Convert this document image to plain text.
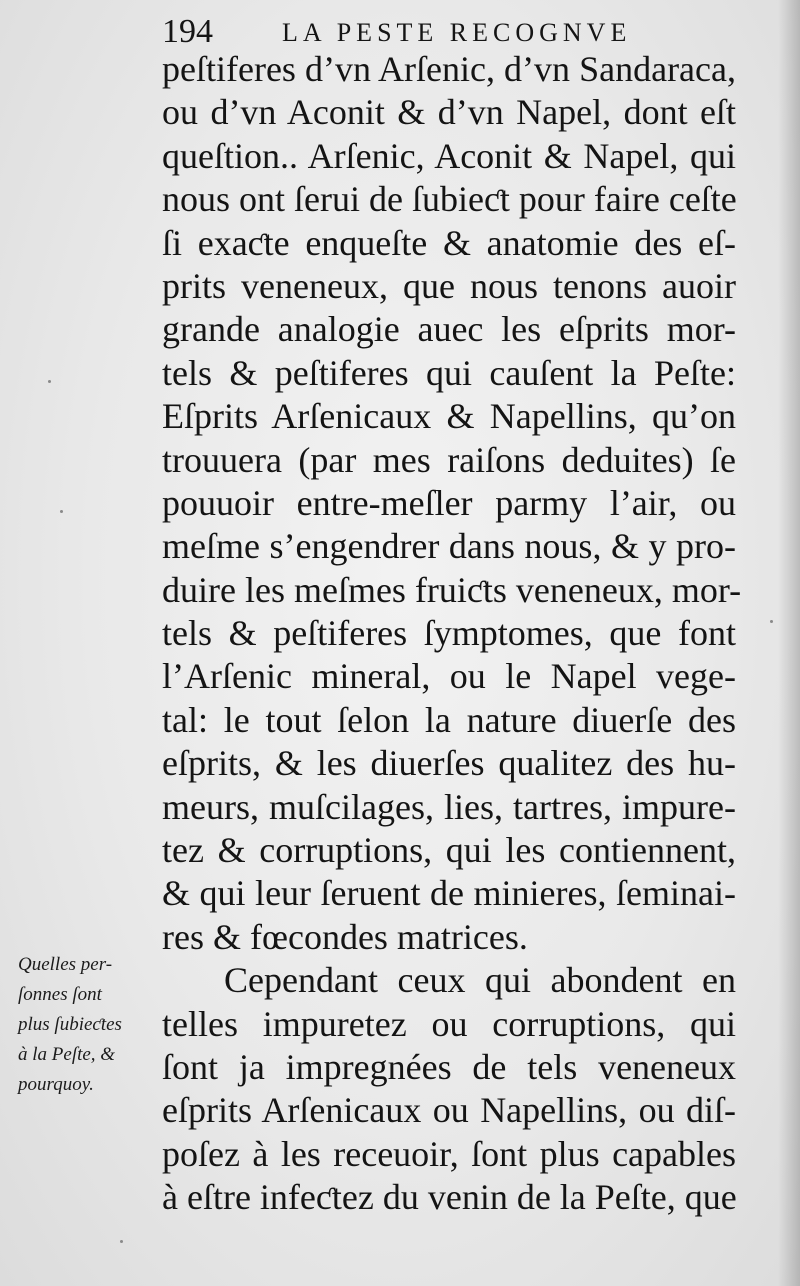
194	LA PESTE RECOGNVE
peſtiferes d’vn Arſenic, d’vn Sandaraca,
ou d’vn Aconit & d’vn Napel, dont eſt
queſtion.. Arſenic, Aconit & Napel, qui
nous ont ſerui de ſubieƈt pour faire ceſte
ſi exaƈte enqueſte & anatomie des eſ-
prits veneneux, que nous tenons auoir
grande analogie auec les eſprits mor-
tels & peſtiferes qui cauſent la Peſte:
Eſprits Arſenicaux & Napellins, qu’on
trouuera (par mes raiſons deduites) ſe
pouuoir entre-meſler parmy l’air, ou
meſme s’engendrer dans nous, & y pro-
duire les meſmes fruiƈts veneneux, mor-
tels & peſtiferes ſymptomes, que font
l’Arſenic mineral, ou le Napel vege-
tal: le tout ſelon la nature diuerſe des
eſprits, & les diuerſes qualitez des hu-
meurs, muſcilages, lies, tartres, impure-
tez & corruptions, qui les contiennent,
& qui leur ſeruent de minieres, ſeminai-
res & fœcondes matrices.
Cependant ceux qui abondent en
telles impuretez ou corruptions, qui
ſont ja impregnées de tels veneneux
eſprits Arſenicaux ou Napellins, ou diſ-
poſez à les receuoir, ſont plus capables
à eſtre infeƈtez du venin de la Peſte, que
Quelles per-
ſonnes ſont
plus ſubieƈtes
à la Peſte, &
pourquoy.
